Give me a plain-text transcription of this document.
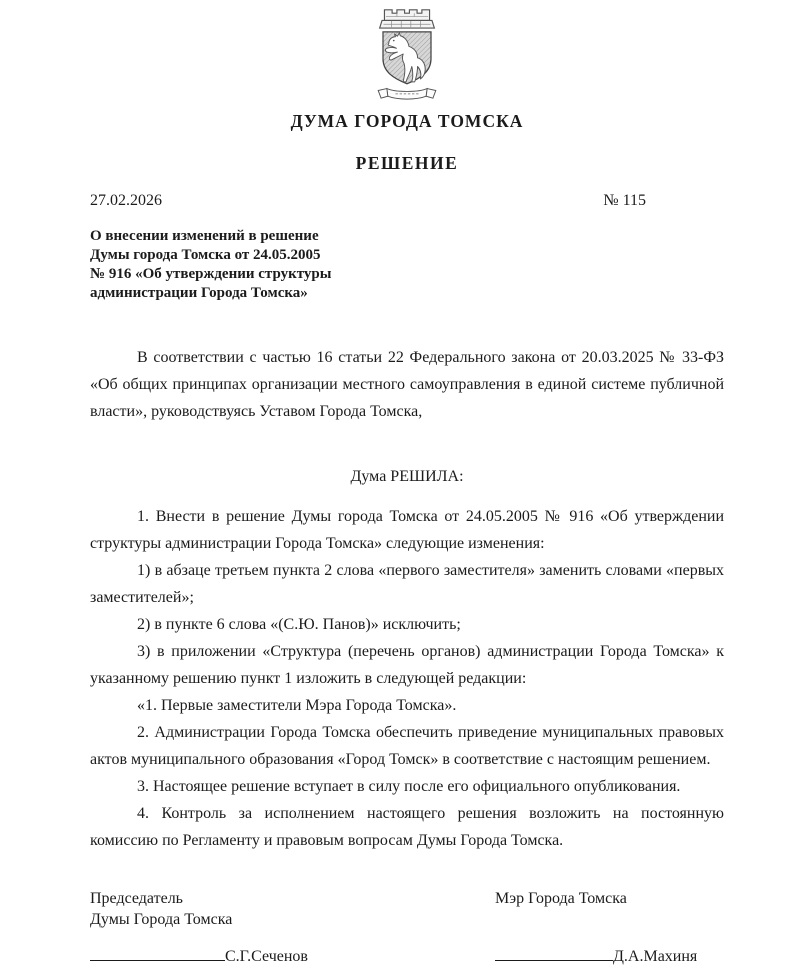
ДУМА ГОРОДА ТОМСКА
РЕШЕНИЕ
27.02.2026	№ 115
О внесении изменений в решение
Думы города Томска от 24.05.2005
№ 916 «Об утверждении структуры
администрации Города Томска»

В соответствии с частью 16 статьи 22 Федерального закона от 20.03.2025 № 33-ФЗ «Об общих принципах организации местного самоуправления в единой системе публичной власти», руководствуясь Уставом Города Томска,

Дума РЕШИЛА:

1. Внести в решение Думы города Томска от 24.05.2005 № 916 «Об утверждении структуры администрации Города Томска» следующие изменения:

1) в абзаце третьем пункта 2 слова «первого заместителя» заменить словами «первых заместителей»;

2) в пункте 6 слова «(С.Ю. Панов)» исключить;

3) в приложении «Структура (перечень органов) администрации Города Томска» к указанному решению пункт 1 изложить в следующей редакции:

«1. Первые заместители Мэра Города Томска».

2. Администрации Города Томска обеспечить приведение муниципальных правовых актов муниципального образования «Город Томск» в соответствие с настоящим решением.

3. Настоящее решение вступает в силу после его официального опубликования.

4. Контроль за исполнением настоящего решения возложить на постоянную комиссию по Регламенту и правовым вопросам Думы Города Томска.

Председатель
Думы Города Томска
Мэр Города Томска
С.Г.Сеченов	Д.А.Махиня
